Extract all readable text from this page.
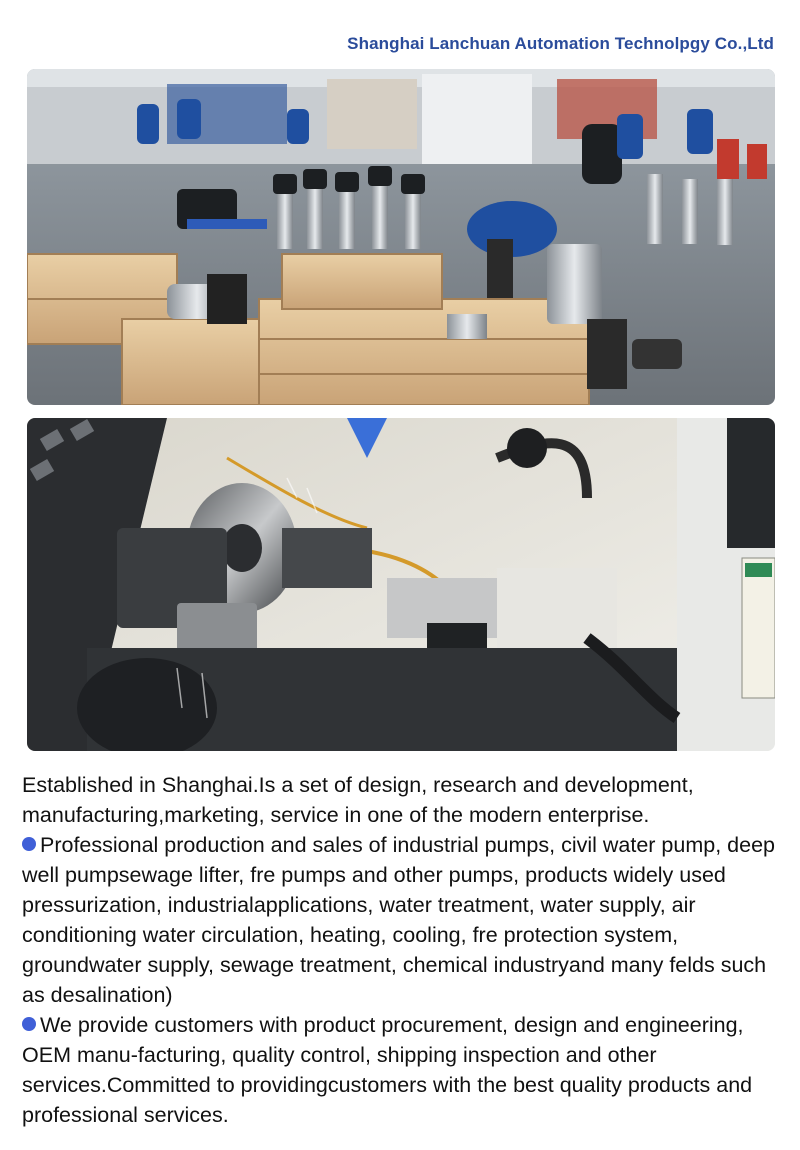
Shanghai Lanchuan Automation Technolpgy Co.,Ltd

Established in Shanghai.Is a set of design, research and development, manufacturing,marketing, service in one of the modern enterprise.

Professional production and sales of industrial pumps, civil water pump, deep well pumpsewage lifter, fre pumps and other pumps, products widely used pressurization, industrialapplications, water treatment, water supply, air conditioning water circulation, heating, cooling, fre protection system, groundwater supply, sewage treatment, chemical industryand many felds such as desalination)

We provide customers with product procurement, design and engineering, OEM manu-facturing, quality control, shipping inspection and other services.Committed to providingcustomers with the best quality products and professional services.
